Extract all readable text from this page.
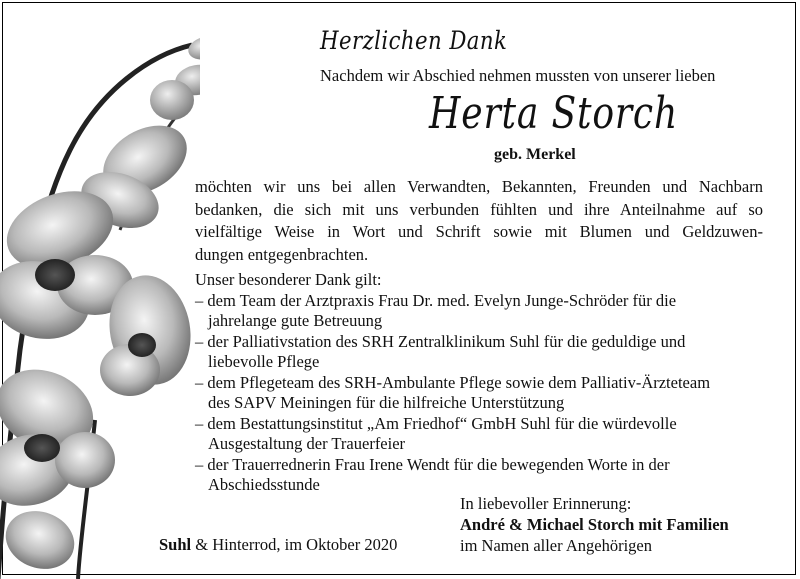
Herzlichen Dank
Nachdem wir Abschied nehmen mussten von unserer lieben
Herta Storch
geb. Merkel
möchten wir uns bei allen Verwandten, Bekannten, Freunden und Nachbarn
bedanken, die sich mit uns verbunden fühlten und ihre Anteilnahme auf so
vielfältige Weise in Wort und Schrift sowie mit Blumen und Geldzuwen-
dungen entgegenbrachten.
Unser besonderer Dank gilt:
– dem Team der Arztpraxis Frau Dr. med. Evelyn Junge-Schröder für die
jahrelange gute Betreuung
– der Palliativstation des SRH Zentralklinikum Suhl für die geduldige und
liebevolle Pflege
– dem Pflegeteam des SRH-Ambulante Pflege sowie dem Palliativ-Ärzteteam
des SAPV Meiningen für die hilfreiche Unterstützung
– dem Bestattungsinstitut „Am Friedhof“ GmbH Suhl für die würdevolle
Ausgestaltung der Trauerfeier
– der Trauerrednerin Frau Irene Wendt für die bewegenden Worte in der
Abschiedsstunde
In liebevoller Erinnerung:
André & Michael Storch mit Familien
im Namen aller Angehörigen
Suhl & Hinterrod, im Oktober 2020
